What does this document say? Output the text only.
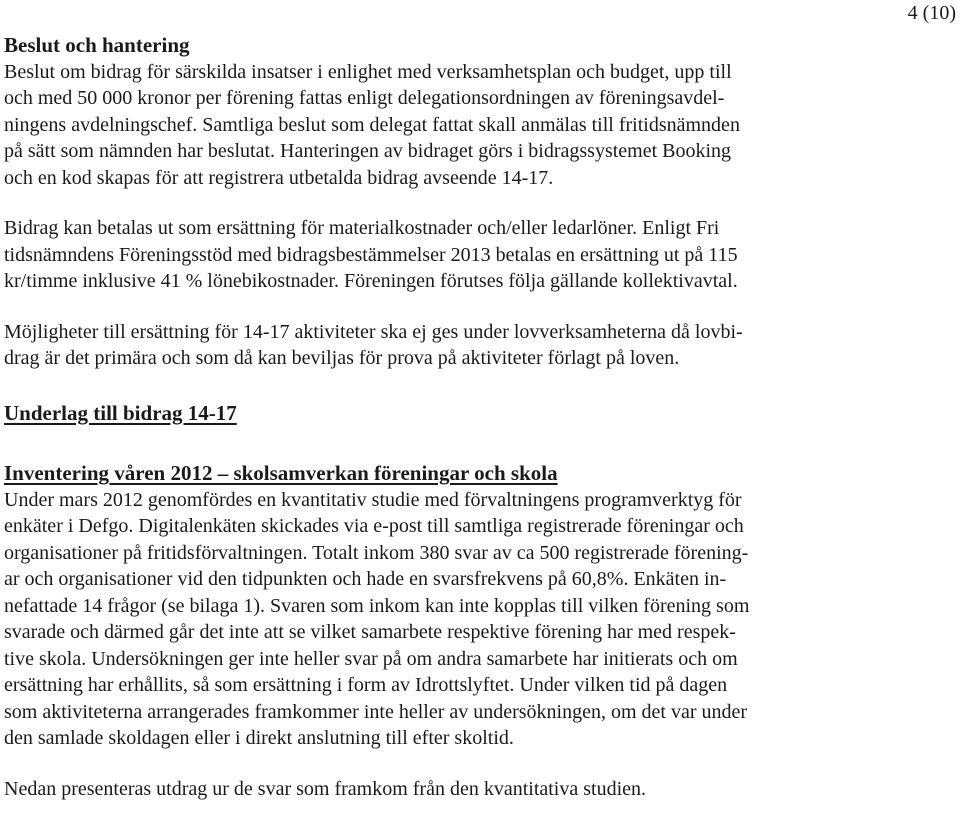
4 (10)
Beslut och hantering
Beslut om bidrag för särskilda insatser i enlighet med verksamhetsplan och budget, upp till
och med 50 000 kronor per förening fattas enligt delegationsordningen av föreningsavdel-
ningens avdelningschef. Samtliga beslut som delegat fattat skall anmälas till fritidsnämnden
på sätt som nämnden har beslutat. Hanteringen av bidraget görs i bidragssystemet Booking
och en kod skapas för att registrera utbetalda bidrag avseende 14-17.
Bidrag kan betalas ut som ersättning för materialkostnader och/eller ledarlöner. Enligt Fri
tidsnämndens Föreningsstöd med bidragsbestämmelser 2013 betalas en ersättning ut på 115
kr/timme inklusive 41 % lönebikostnader. Föreningen förutses följa gällande kollektivavtal.
Möjligheter till ersättning för 14-17 aktiviteter ska ej ges under lovverksamheterna då lovbi-
drag är det primära och som då kan beviljas för prova på aktiviteter förlagt på loven.
Underlag till bidrag 14-17
Inventering våren 2012 – skolsamverkan föreningar och skola
Under mars 2012 genomfördes en kvantitativ studie med förvaltningens programverktyg för
enkäter i Defgo. Digitalenkäten skickades via e-post till samtliga registrerade föreningar och
organisationer på fritidsförvaltningen. Totalt inkom 380 svar av ca 500 registrerade förening-
ar och organisationer vid den tidpunkten och hade en svarsfrekvens på 60,8%. Enkäten in-
nefattade 14 frågor (se bilaga 1). Svaren som inkom kan inte kopplas till vilken förening som
svarade och därmed går det inte att se vilket samarbete respektive förening har med respek-
tive skola. Undersökningen ger inte heller svar på om andra samarbete har initierats och om
ersättning har erhållits, så som ersättning i form av Idrottslyftet. Under vilken tid på dagen
som aktiviteterna arrangerades framkommer inte heller av undersökningen, om det var under
den samlade skoldagen eller i direkt anslutning till efter skoltid.
Nedan presenteras utdrag ur de svar som framkom från den kvantitativa studien.
